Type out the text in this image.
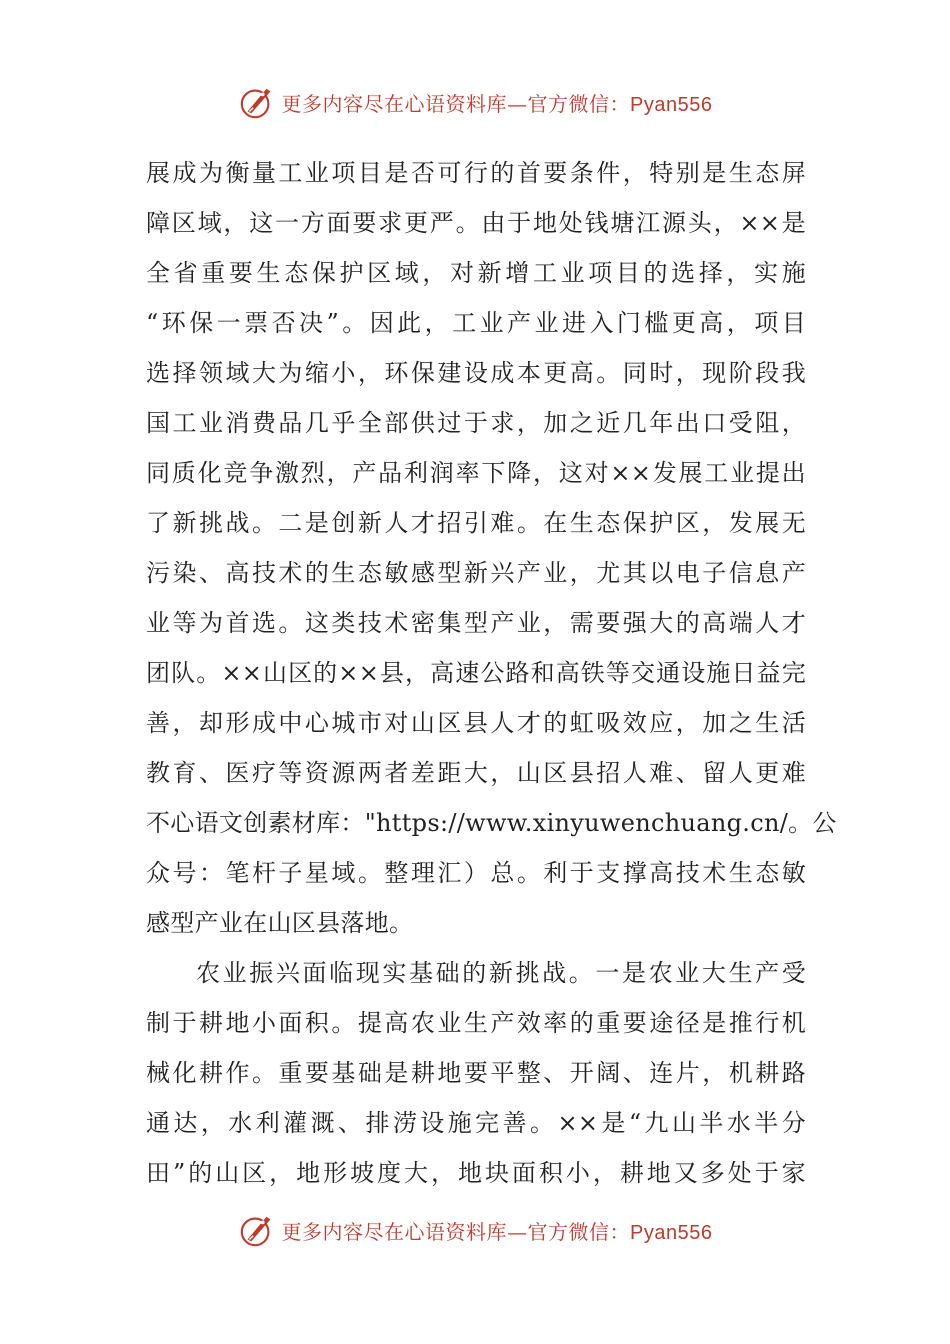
更多内容尽在心语资料库—官方微信：Pyan556
展成为衡量工业项目是否可行的首要条件，特别是生态屏
障区域，这一方面要求更严。由于地处钱塘江源头，××是
全省重要生态保护区域，对新增工业项目的选择，实施
“环保一票否决”。因此，工业产业进入门槛更高，项目
选择领域大为缩小，环保建设成本更高。同时，现阶段我
国工业消费品几乎全部供过于求，加之近几年出口受阻，
同质化竞争激烈，产品利润率下降，这对××发展工业提出
了新挑战。二是创新人才招引难。在生态保护区，发展无
污染、高技术的生态敏感型新兴产业，尤其以电子信息产
业等为首选。这类技术密集型产业，需要强大的高端人才
团队。××山区的××县，高速公路和高铁等交通设施日益完
善，却形成中心城市对山区县人才的虹吸效应，加之生活
教育、医疗等资源两者差距大，山区县招人难、留人更难
不心语文创素材库："https://www.xinyuwenchuang.cn/。公
众号：笔杆子星域。整理汇）总。利于支撑高技术生态敏
感型产业在山区县落地。
农业振兴面临现实基础的新挑战。一是农业大生产受
制于耕地小面积。提高农业生产效率的重要途径是推行机
械化耕作。重要基础是耕地要平整、开阔、连片，机耕路
通达，水利灌溉、排涝设施完善。××是“九山半水半分
田”的山区，地形坡度大，地块面积小，耕地又多处于家
更多内容尽在心语资料库—官方微信：Pyan556
